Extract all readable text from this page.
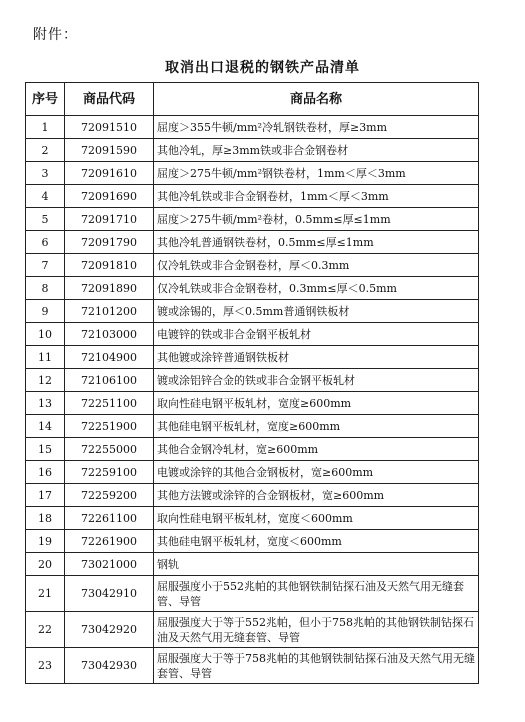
附件：
取消出口退税的钢铁产品清单
序号	商品代码	商品名称
1	72091510	屈度＞355牛顿/mm²冷轧钢铁卷材，厚≥3mm
2	72091590	其他冷轧，厚≥3mm铁或非合金钢卷材
3	72091610	屈度＞275牛顿/mm²钢铁卷材，1mm＜厚＜3mm
4	72091690	其他冷轧铁或非合金钢卷材，1mm＜厚＜3mm
5	72091710	屈度＞275牛顿/mm²卷材，0.5mm≤厚≤1mm
6	72091790	其他冷轧普通钢铁卷材，0.5mm≤厚≤1mm
7	72091810	仅冷轧铁或非合金钢卷材，厚＜0.3mm
8	72091890	仅冷轧铁或非合金钢卷材，0.3mm≤厚＜0.5mm
9	72101200	镀或涂锡的，厚＜0.5mm普通钢铁板材
10	72103000	电镀锌的铁或非合金钢平板轧材
11	72104900	其他镀或涂锌普通钢铁板材
12	72106100	镀或涂铝锌合金的铁或非合金钢平板轧材
13	72251100	取向性硅电钢平板轧材，宽度≥600mm
14	72251900	其他硅电钢平板轧材，宽度≥600mm
15	72255000	其他合金钢冷轧材，宽≥600mm
16	72259100	电镀或涂锌的其他合金钢板材，宽≥600mm
17	72259200	其他方法镀或涂锌的合金钢板材，宽≥600mm
18	72261100	取向性硅电钢平板轧材，宽度＜600mm
19	72261900	其他硅电钢平板轧材，宽度＜600mm
20	73021000	钢轨
21	73042910	屈服强度小于552兆帕的其他钢铁制钻探石油及天然气用无缝套管、导管
22	73042920	屈服强度大于等于552兆帕，但小于758兆帕的其他钢铁制钻探石油及天然气用无缝套管、导管
23	73042930	屈服强度大于等于758兆帕的其他钢铁制钻探石油及天然气用无缝套管、导管
